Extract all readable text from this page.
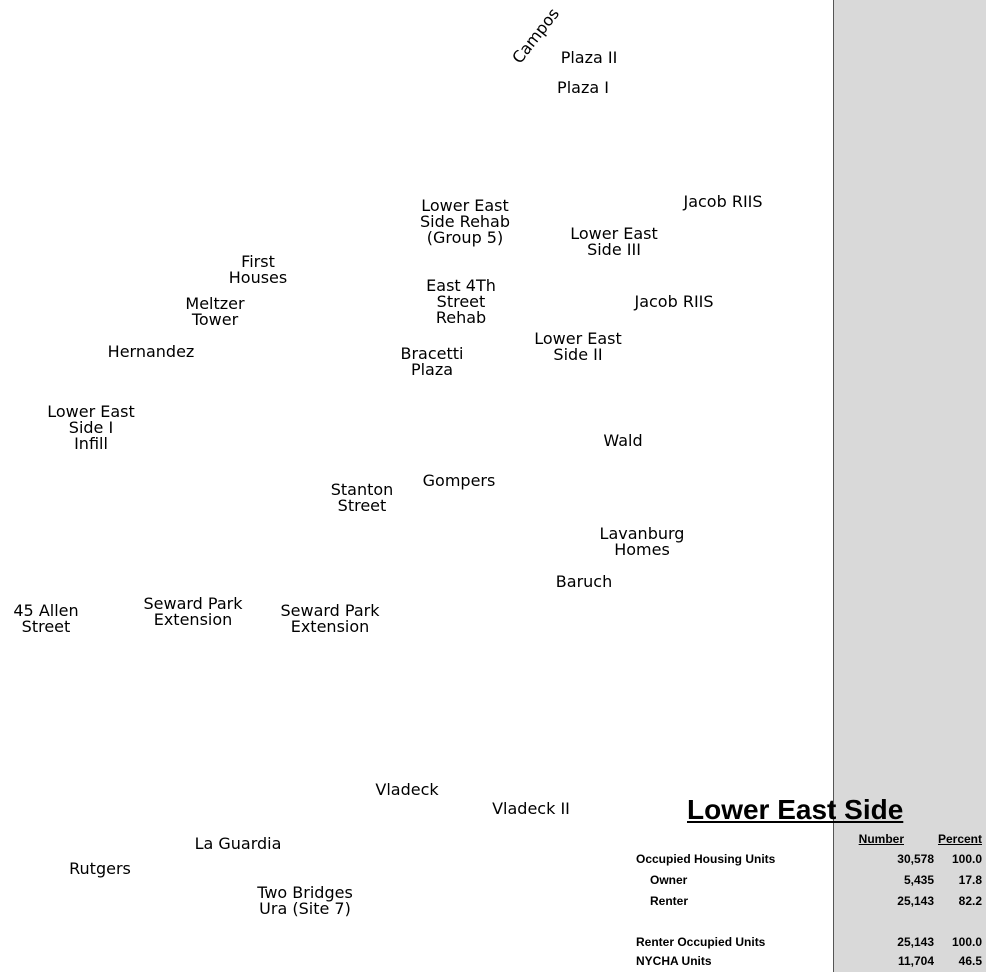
Campos
Plaza II
Plaza I
Jacob RIIS
Lower East
Side Rehab
(Group 5)	Lower East
Side III
First
Houses	East 4Th
Street
Rehab
Jacob RIIS
Meltzer
Tower
Lower East
Side II
Hernandez	Bracetti
Plaza
Lower East
Side I
Infill	Wald
Gompers
Stanton
Street
Lavanburg
Homes
Baruch
45 Allen
Street
Seward Park
Extension	Seward Park
Extension
Vladeck
Vladeck II
La Guardia
Rutgers
Two Bridges
Ura (Site 7)
Lower East Side
Number	Percent
Occupied Housing Units	30,578 100.0
Owner	5,435 17.8
Renter	25,143 82.2
Renter Occupied Units	25,143 100.0
NYCHA Units	11,704 46.5
